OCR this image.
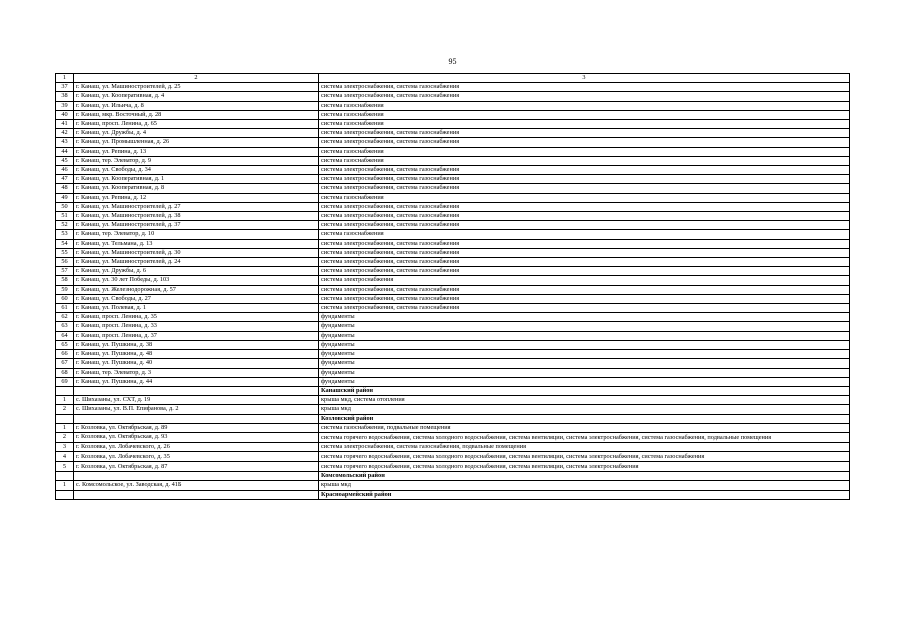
95
1	2	3
37	г. Канаш, ул. Машиностроителей, д. 25	система электроснабжения, система газоснабжения
38	г. Канаш, ул. Кооперативная, д. 4	система электроснабжения, система газоснабжения
39	г. Канаш, ул. Ильича, д. 8	система газоснабжения
40	г. Канаш, мкр. Восточный, д. 28	система газоснабжения
41	г. Канаш, просп. Ленина, д. 65	система газоснабжения
42	г. Канаш, ул. Дружбы, д. 4	система электроснабжения, система газоснабжения
43	г. Канаш, ул. Промышленная, д. 26	система электроснабжения, система газоснабжения
44	г. Канаш, ул. Репина, д. 13	система газоснабжения
45	г. Канаш, тер. Элеватор, д. 9	система газоснабжения
46	г. Канаш, ул. Свободы, д. 34	система электроснабжения, система газоснабжения
47	г. Канаш, ул. Кооперативная, д. 1	система электроснабжения, система газоснабжения
48	г. Канаш, ул. Кооперативная, д. 8	система электроснабжения, система газоснабжения
49	г. Канаш, ул. Репина, д. 12	система газоснабжения
50	г. Канаш, ул. Машиностроителей, д. 27	система электроснабжения, система газоснабжения
51	г. Канаш, ул. Машиностроителей, д. 38	система электроснабжения, система газоснабжения
52	г. Канаш, ул. Машиностроителей, д. 37	система электроснабжения, система газоснабжения
53	г. Канаш, тер. Элеватор, д. 10	система газоснабжения
54	г. Канаш, ул. Тельмана, д. 13	система электроснабжения, система газоснабжения
55	г. Канаш, ул. Машиностроителей, д. 30	система электроснабжения, система газоснабжения
56	г. Канаш, ул. Машиностроителей, д. 24	система электроснабжения, система газоснабжения
57	г. Канаш, ул. Дружбы, д. 6	система электроснабжения, система газоснабжения
58	г. Канаш, ул. 30 лет Победы, д. 103	система электроснабжения
59	г. Канаш, ул. Железнодорожная, д. 57	система электроснабжения, система газоснабжения
60	г. Канаш, ул. Свободы, д. 27	система электроснабжения, система газоснабжения
61	г. Канаш, ул. Полевая, д. 1	система электроснабжения, система газоснабжения
62	г. Канаш, просп. Ленина, д. 35	фундаменты
63	г. Канаш, просп. Ленина, д. 33	фундаменты
64	г. Канаш, просп. Ленина, д. 37	фундаменты
65	г. Канаш, ул. Пушкина, д. 38	фундаменты
66	г. Канаш, ул. Пушкина, д. 48	фундаменты
67	г. Канаш, ул. Пушкина, д. 40	фундаменты
68	г. Канаш, тер. Элеватор, д. 3	фундаменты
69	г. Канаш, ул. Пушкина, д. 44	фундаменты
		Канашский район
1	с. Шихазаны, ул. СХТ, д. 19	крыша мкд, система отопления
2	с. Шихазаны, ул. В.П. Епифанова, д. 2	крыша мкд
		Козловский район
1	г. Козловка, ул. Октябрьская, д. 89	система газоснабжения, подвальные помещения
2	г. Козловка, ул. Октябрьская, д. 93	система горячего водоснабжения, система холодного водоснабжения, система вентиляции, система электроснабжения, система газоснабжения, подвальные помещения
3	г. Козловка, ул. Лобачевского, д. 26	система электроснабжения, система газоснабжения, подвальные помещения
4	г. Козловка, ул. Лобачевского, д. 35	система горячего водоснабжения, система холодного водоснабжения, система вентиляции, система электроснабжения, система газоснабжения
5	г. Козловка, ул. Октябрьская, д. 87	система горячего водоснабжения, система холодного водоснабжения, система вентиляции, система электроснабжения
		Комсомольский район
1	с. Комсомольское, ул. Заводская, д. 41Б	крыша мкд
		Красноармейский район
